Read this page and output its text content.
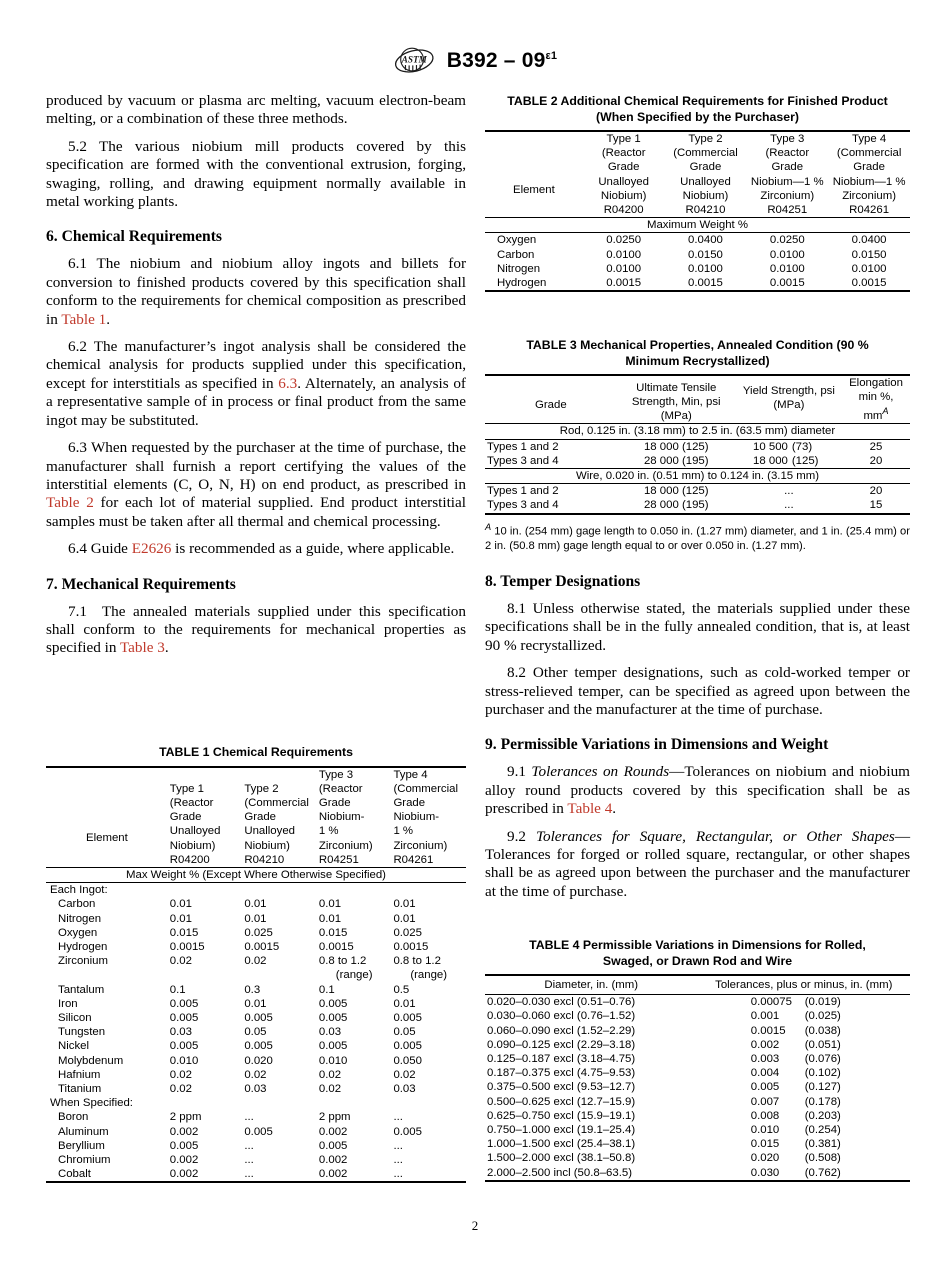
ASTM $B392 - 09^{\varepsilon 1}$

produced by vacuum or plasma arc melting, vacuum electron-beam melting, or a combination of these three methods.

5.2 The various niobium mill products covered by this specification are formed with the conventional extrusion, forging, swaging, rolling, and drawing equipment normally available in metal working plants.

6. Chemical Requirements

6.1 The niobium and niobium alloy ingots and billets for conversion to finished products covered by this specification shall conform to the requirements for chemical composition as prescribed in Table 1.

6.2 The manufacturer’s ingot analysis shall be considered the chemical analysis for products supplied under this specification, except for interstitials as specified in 6.3. Alternately, an analysis of a representative sample of in process or final product from the same ingot may be substituted.

6.3 When requested by the purchaser at the time of purchase, the manufacturer shall furnish a report certifying the values of the interstitial elements (C, O, N, H) on end product, as prescribed in Table 2 for each lot of material supplied. End product interstitial samples must be taken after all thermal and chemical processing.

6.4 Guide E2626 is recommended as a guide, where applicable.

7. Mechanical Requirements

7.1  The annealed materials supplied under this specification shall conform to the requirements for mechanical properties as specified in Table 3.

TABLE 1 Chemical Requirements
Element	Type 1
(Reactor
Grade
Unalloyed
Niobium)
R04200	Type 2
(Commercial
Grade
Unalloyed
Niobium)
R04210	Type 3
(Reactor
Grade
Niobium-
1 %
Zirconium)
R04251	Type 4
(Commercial
Grade
Niobium-
1 %
Zirconium)
R04261
Max Weight % (Except Where Otherwise Specified)				
Each Ingot:				
Carbon	0.01	0.01	0.01	0.01
Nitrogen	0.01	0.01	0.01	0.01
Oxygen	0.015	0.025	0.015	0.025
Hydrogen	0.0015	0.0015	0.0015	0.0015
Zirconium	0.02	0.02	0.8 to 1.2	0.8 to 1.2
			(range)	(range)
Tantalum	0.1	0.3	0.1	0.5
Iron	0.005	0.01	0.005	0.01
Silicon	0.005	0.005	0.005	0.005
Tungsten	0.03	0.05	0.03	0.05
Nickel	0.005	0.005	0.005	0.005
Molybdenum	0.010	0.020	0.010	0.050
Hafnium	0.02	0.02	0.02	0.02
Titanium	0.02	0.03	0.02	0.03
When Specified:				
Boron	2 ppm	...	2 ppm	...
Aluminum	0.002	0.005	0.002	0.005
Beryllium	0.005	...	0.005	...
Chromium	0.002	...	0.002	...
Cobalt	0.002	...	0.002	...
TABLE 2 Additional Chemical Requirements for Finished Product
(When Specified by the Purchaser)
Element	Type 1
(Reactor Grade
Unalloyed
Niobium)
R04200	Type 2
(Commercial
Grade
Unalloyed
Niobium)
R04210	Type 3
(Reactor Grade
Niobium—1 %
Zirconium)
R04251	Type 4
(Commercial
Grade
Niobium—1 %
Zirconium)
R04261
Maximum Weight %				
Oxygen	0.0250	0.0400	0.0250	0.0400
Carbon	0.0100	0.0150	0.0100	0.0150
Nitrogen	0.0100	0.0100	0.0100	0.0100
Hydrogen	0.0015	0.0015	0.0015	0.0015
TABLE 3 Mechanical Properties, Annealed Condition (90 %
Minimum Recrystallized)
Grade	Ultimate Tensile
Strength, Min, psi
(MPa)	Yield Strength, psi
(MPa)	Elongation
min %,
mm$^A$
Rod, 0.125 in. (3.18 mm) to 2.5 in. (63.5 mm) diameter			
Types 1 and 2	18 000 (125)	10 500 (73)	25
Types 3 and 4	28 000 (195)	18 000 (125)	20
Wire, 0.020 in. (0.51 mm) to 0.124 in. (3.15 mm)			
Types 1 and 2	18 000 (125)	...	20
Types 3 and 4	28 000 (195)	...	15
$^A$ 10 in. (254 mm) gage length to 0.050 in. (1.27 mm) diameter, and 1 in. (25.4 mm) or 2 in. (50.8 mm) gage length equal to or over 0.050 in. (1.27 mm).
8. Temper Designations

8.1 Unless otherwise stated, the materials supplied under these specifications shall be in the fully annealed condition, that is, at least 90 % recrystallized.

8.2 Other temper designations, such as cold-worked temper or stress-relieved temper, can be specified as agreed upon between the purchaser and the manufacturer at the time of purchase.

9. Permissible Variations in Dimensions and Weight

9.1 Tolerances on Rounds—Tolerances on niobium and niobium alloy round products covered by this specification shall be as prescribed in Table 4.

9.2 Tolerances for Square, Rectangular, or Other Shapes—Tolerances for forged or rolled square, rectangular, or other shapes shall be as agreed upon between the purchaser and the manufacturer at the time of purchase.

TABLE 4 Permissible Variations in Dimensions for Rolled,
Swaged, or Drawn Rod and Wire
Diameter, in. (mm)	Tolerances, plus or minus, in. (mm)
0.020–0.030 excl (0.51–0.76)	0.00075 (0.019)
0.030–0.060 excl (0.76–1.52)	0.001 (0.025)
0.060–0.090 excl (1.52–2.29)	0.0015 (0.038)
0.090–0.125 excl (2.29–3.18)	0.002 (0.051)
0.125–0.187 excl (3.18–4.75)	0.003 (0.076)
0.187–0.375 excl (4.75–9.53)	0.004 (0.102)
0.375–0.500 excl (9.53–12.7)	0.005 (0.127)
0.500–0.625 excl (12.7–15.9)	0.007 (0.178)
0.625–0.750 excl (15.9–19.1)	0.008 (0.203)
0.750–1.000 excl (19.1–25.4)	0.010 (0.254)
1.000–1.500 excl (25.4–38.1)	0.015 (0.381)
1.500–2.000 excl (38.1–50.8)	0.020 (0.508)
2.000–2.500 incl (50.8–63.5)	0.030 (0.762)
2
